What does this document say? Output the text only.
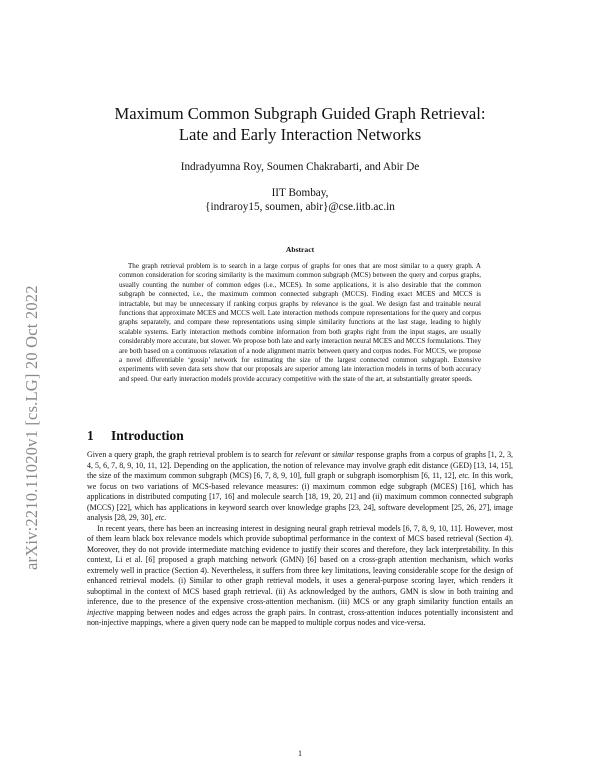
arXiv:2210.11020v1 [cs.LG] 20 Oct 2022
Maximum Common Subgraph Guided Graph Retrieval:
Late and Early Interaction Networks
Indradyumna Roy, Soumen Chakrabarti, and Abir De
IIT Bombay,
{indraroy15, soumen, abir}@cse.iitb.ac.in
Abstract

The graph retrieval problem is to search in a large corpus of graphs for ones that are most similar to a query graph. A common consideration for scoring similarity is the maximum common subgraph (MCS) between the query and corpus graphs, usually counting the number of common edges (i.e., MCES). In some applications, it is also desirable that the common subgraph be connected, i.e., the maximum common connected subgraph (MCCS). Finding exact MCES and MCCS is intractable, but may be unnecessary if ranking corpus graphs by relevance is the goal. We design fast and trainable neural functions that approximate MCES and MCCS well. Late interaction methods compute representations for the query and corpus graphs separately, and compare these representations using simple similarity functions at the last stage, leading to highly scalable systems. Early interaction methods combine information from both graphs right from the input stages, are usually considerably more accurate, but slower. We propose both late and early interaction neural MCES and MCCS formulations. They are both based on a continuous relaxation of a node alignment matrix between query and corpus nodes. For MCCS, we propose a novel differentiable ‘gossip’ network for estimating the size of the largest connected common subgraph. Extensive experiments with seven data sets show that our proposals are superior among late interaction models in terms of both accuracy and speed. Our early interaction models provide accuracy competitive with the state of the art, at substantially greater speeds.

1 Introduction

Given a query graph, the graph retrieval problem is to search for relevant or similar response graphs from a corpus of graphs [1, 2, 3, 4, 5, 6, 7, 8, 9, 10, 11, 12]. Depending on the application, the notion of relevance may involve graph edit distance (GED) [13, 14, 15], the size of the maximum common subgraph (MCS) [6, 7, 8, 9, 10], full graph or subgraph isomorphism [6, 11, 12], etc. In this work, we focus on two variations of MCS-based relevance measures: (i) maximum common edge subgraph (MCES) [16], which has applications in distributed computing [17, 16] and molecule search [18, 19, 20, 21] and (ii) maximum common connected subgraph (MCCS) [22], which has applications in keyword search over knowledge graphs [23, 24], software development [25, 26, 27], image analysis [28, 29, 30], etc.

In recent years, there has been an increasing interest in designing neural graph retrieval models [6, 7, 8, 9, 10, 11]. However, most of them learn black box relevance models which provide suboptimal performance in the context of MCS based retrieval (Section 4). Moreover, they do not provide intermediate matching evidence to justify their scores and therefore, they lack interpretability. In this context, Li et al. [6] proposed a graph matching network (GMN) [6] based on a cross-graph attention mechanism, which works extremely well in practice (Section 4). Nevertheless, it suffers from three key limitations, leaving considerable scope for the design of enhanced retrieval models. (i) Similar to other graph retrieval models, it uses a general-purpose scoring layer, which renders it suboptimal in the context of MCS based graph retrieval. (ii) As acknowledged by the authors, GMN is slow in both training and inference, due to the presence of the expensive cross-attention mechanism. (iii) MCS or any graph similarity function entails an injective mapping between nodes and edges across the graph pairs. In contrast, cross-attention induces potentially inconsistent and non-injective mappings, where a given query node can be mapped to multiple corpus nodes and vice-versa.

1
